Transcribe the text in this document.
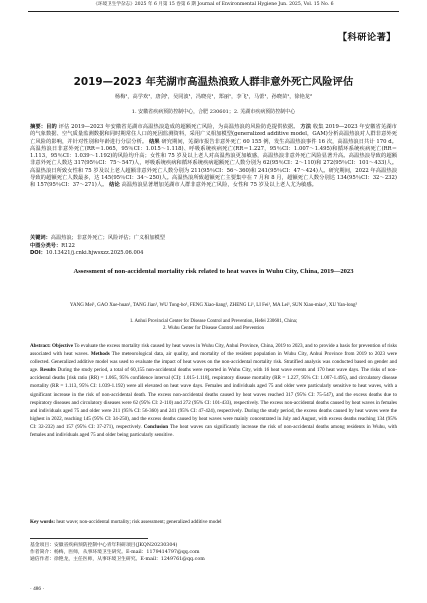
《环境卫生学杂志》2025 年 6 月第 15 卷第 6 期 Journal of Environmental Hygiene Jun. 2025, Vol. 15 No. 6
【科研论著】
2019—2023 年芜湖市高温热浪致人群非意外死亡风险评估
杨梅¹，高学欢¹，唐剑¹，吴同波¹，冯晓亮¹，郑丽¹，李飞¹，马蕾¹，孙晓苗¹，徐艳龙²
1. 安徽省疾病预防控制中心，合肥 230601；2. 芜湖市疾病预防控制中心
摘要：目的 评估 2019—2023 年安徽省芜湖市高温热浪造成的超额死亡风险，为高温热浪的风险防范提供依据。 方法 收集 2019—2023 年安徽省芜湖市的气象数据、空气质量监测数据和同时期常住人口的死因监测资料，采用广义相加模型(generalized additive model，GAM)分析高温热浪对人群非意外死亡风险的影响，并针对性别和年龄进行分层分析。 结果 研究期间，芜湖市报告非意外死亡 60 155 例，发生高温热浪事件 16 次，高温热浪日共计 170 d。高温热浪日非意外死亡(RR＝1.065，95％CI：1.015～1.118)、呼吸系统疾病死亡(RR＝1.227，95％CI：1.007～1.495)和循环系统疾病死亡(RR＝1.113，95％CI：1.039～1.192)的风险均升高；女性和 75 岁及以上老人对高温热浪更加敏感，高温热浪非意外死亡风险显著升高。高温热浪导致的超额非意外死亡人数达 317(95％CI：75～547)人，呼吸系统疾病和循环系统疾病超额死亡人数分别为 62(95％CI：2～110)和 272(95％CI：101～433)人。高温热浪日所致女性和 75 岁及以上老人超额非意外死亡人数分别为 211(95％CI：56～360)和 241(95％CI：47～424)人。研究期间，2022 年高温热浪导致的超额死亡人数最多，达 145(95％CI：34～250)人。高温热浪所致超额死亡主要集中在 7 月和 8 月，超额死亡人数分别达 134(95％CI：32～232)和 157(95％CI：37～271)人。 结论 高温热浪显著增加芜湖市人群非意外死亡风险，女性和 75 岁及以上老人尤为敏感。
关键词：高温热浪；非意外死亡；风险评估；广义相加模型
中图分类号：R122
DOI：10.13421/j.cnki.hjwsxzz.2025.06.004
Assessment of non-accidental mortality risk related to heat waves in Wuhu City, China, 2019—2023
YANG Mei¹, GAO Xue-huan¹, TANG Jian¹, WU Tong-bo¹, FENG Xiao-liang¹, ZHENG Li¹, LI Fei¹, MA Lei¹, SUN Xiao-miao¹, XU Yan-long²
1. Anhui Provincial Center for Disease Control and Prevention, Hefei 230601, China;
2. Wuhu Center for Disease Control and Prevention
Abstract: Objective To evaluate the excess mortality risk caused by heat waves in Wuhu City, Anhui Province, China, 2019 to 2023, and to provide a basis for prevention of risks associated with heat waves. Methods The meteorological data, air quality, and mortality of the resident population in Wuhu City, Anhui Province from 2019 to 2023 were collected. Generalized additive model was used to evaluate the impact of heat waves on the non-accidental mortality risk. Stratified analysis was conducted based on gender and age. Results During the study period, a total of 60,155 non-accidental deaths were reported in Wuhu City, with 16 heat wave events and 170 heat wave days. The risks of non-accidental deaths [risk ratio (RR) = 1.065, 95% confidence interval (CI): 1.015-1.118], respiratory disease mortality (RR = 1.227, 95% CI: 1.007-1.495), and circulatory disease mortality (RR = 1.113, 95% CI: 1.039-1.192) were all elevated on heat wave days. Females and individuals aged 75 and older were particularly sensitive to heat waves, with a significant increase in the risk of non-accidental death. The excess non-accidental deaths caused by heat waves reached 317 (95% CI: 75-547), and the excess deaths due to respiratory diseases and circulatory diseases were 62 (95% CI: 2-110) and 272 (95% CI: 101-433), respectively. The excess non-accidental deaths caused by heat waves in females and individuals aged 75 and older were 211 (95% CI: 56-360) and 241 (95% CI: 47-424), respectively. During the study period, the excess deaths caused by heat waves were the highest in 2022, reaching 145 (95% CI: 34-250), and the excess deaths caused by heat waves were mainly concentrated in July and August, with excess deaths reaching 134 (95% CI: 32-232) and 157 (95% CI: 37-271), respectively. Conclusion The heat waves can significantly increase the risk of non-accidental deaths among residents in Wuhu, with females and individuals aged 75 and older being particularly sensitive.
Key words: heat wave; non-accidental mortality; risk assessment; generalized additive model
基金项目：安徽省疾病预防控制中心青年科研项目(JKQN20230304)
作者简介：杨梅，医师，从事环境卫生研究。E-mail：1179414797@qq.com
通信作者：徐艳龙，主任医师，从事环境卫生研究。E-mail：1249761@qq.com
· 486 ·
